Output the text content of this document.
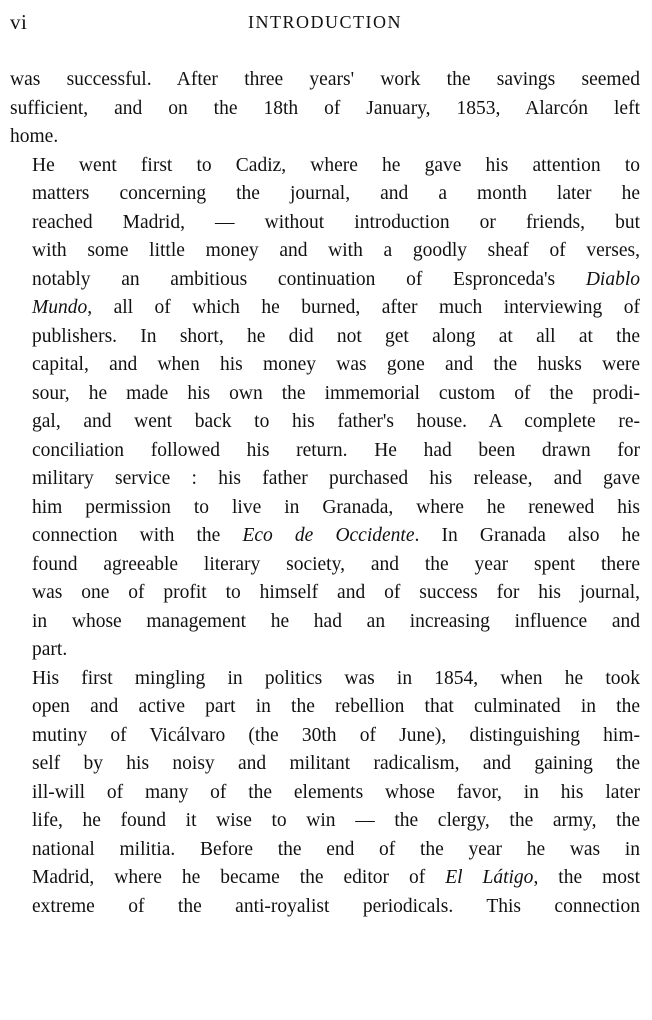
vi	INTRODUCTION

was successful. After three years' work the savings seemed
sufficient, and on the 18th of January, 1853, Alarcón left
home.

He went first to Cadiz, where he gave his attention to
matters concerning the journal, and a month later he
reached Madrid, — without introduction or friends, but
with some little money and with a goodly sheaf of verses,
notably an ambitious continuation of Espronceda's Diablo
Mundo, all of which he burned, after much interviewing of
publishers. In short, he did not get along at all at the
capital, and when his money was gone and the husks were
sour, he made his own the immemorial custom of the prodi-
gal, and went back to his father's house. A complete re-
conciliation followed his return. He had been drawn for
military service : his father purchased his release, and gave
him permission to live in Granada, where he renewed his
connection with the Eco de Occidente. In Granada also he
found agreeable literary society, and the year spent there
was one of profit to himself and of success for his journal,
in whose management he had an increasing influence and
part.

His first mingling in politics was in 1854, when he took
open and active part in the rebellion that culminated in the
mutiny of Vicálvaro (the 30th of June), distinguishing him-
self by his noisy and militant radicalism, and gaining the
ill-will of many of the elements whose favor, in his later
life, he found it wise to win — the clergy, the army, the
national militia. Before the end of the year he was in
Madrid, where he became the editor of El Látigo, the most
extreme of the anti-royalist periodicals. This connection
